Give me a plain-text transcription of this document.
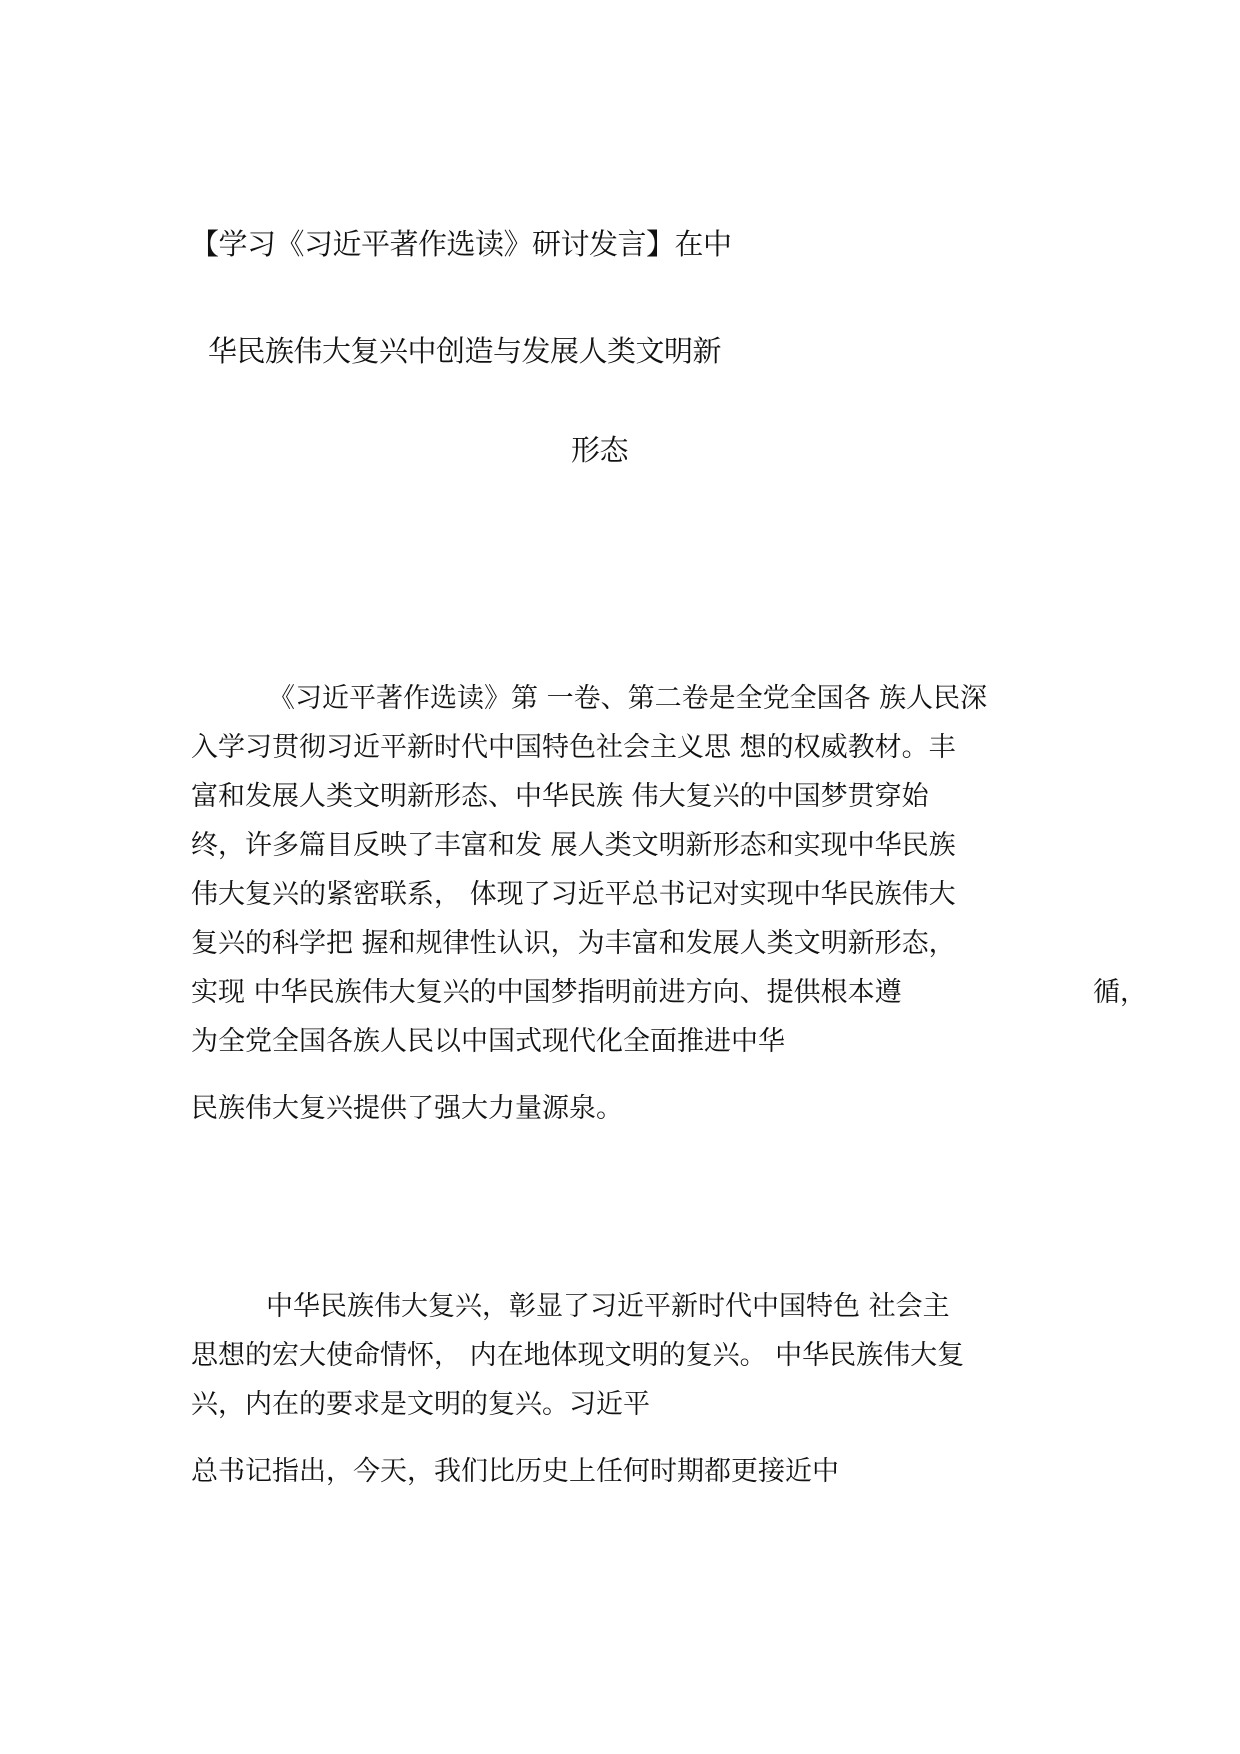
【学习《习近平著作选读》研讨发言】在中
华民族伟大复兴中创造与发展人类文明新
形态
《习近平著作选读》第 一卷、第二卷是全党全国各 族人民深
入学习贯彻习近平新时代中国特色社会主义思 想的权威教材。丰
富和发展人类文明新形态、中华民族 伟大复兴的中国梦贯穿始
终，许多篇目反映了丰富和发 展人类文明新形态和实现中华民族
伟大复兴的紧密联系， 体现了习近平总书记对实现中华民族伟大
复兴的科学把 握和规律性认识，为丰富和发展人类文明新形态，
实现 中华民族伟大复兴的中国梦指明前进方向、提供根本遵	循，
为全党全国各族人民以中国式现代化全面推进中华
民族伟大复兴提供了强大力量源泉。
中华民族伟大复兴，彰显了习近平新时代中国特色 社会主
思想的宏大使命情怀， 内在地体现文明的复兴。 中华民族伟大复
兴，内在的要求是文明的复兴。习近平
总书记指出，今天，我们比历史上任何时期都更接近中
